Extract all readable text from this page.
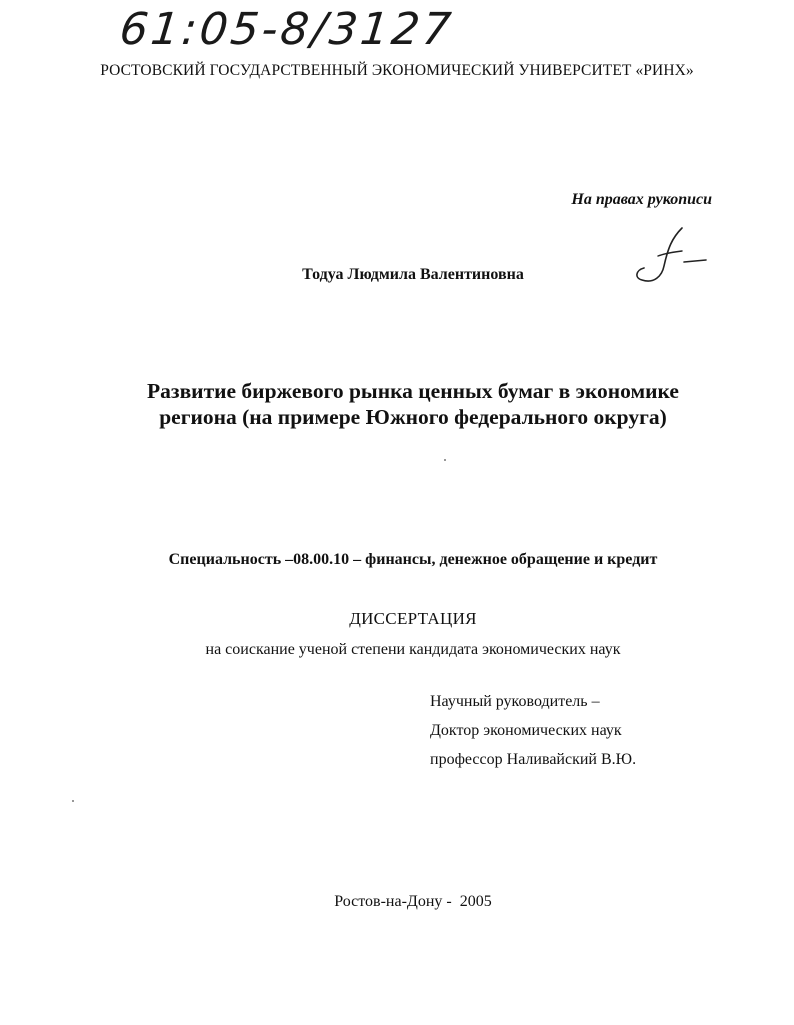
61:05-8/3127
РОСТОВСКИЙ ГОСУДАРСТВЕННЫЙ ЭКОНОМИЧЕСКИЙ УНИВЕРСИТЕТ «РИНХ»
На правах рукописи
Тодуа Людмила Валентиновна
Развитие биржевого рынка ценных бумаг в экономике
региона (на примере Южного федерального округа)
Специальность –08.00.10 – финансы, денежное обращение и кредит
ДИССЕРТАЦИЯ
на соискание ученой степени кандидата экономических наук
Научный руководитель –
Доктор экономических наук
профессор Наливайский В.Ю.
Ростов-на-Дону -  2005
